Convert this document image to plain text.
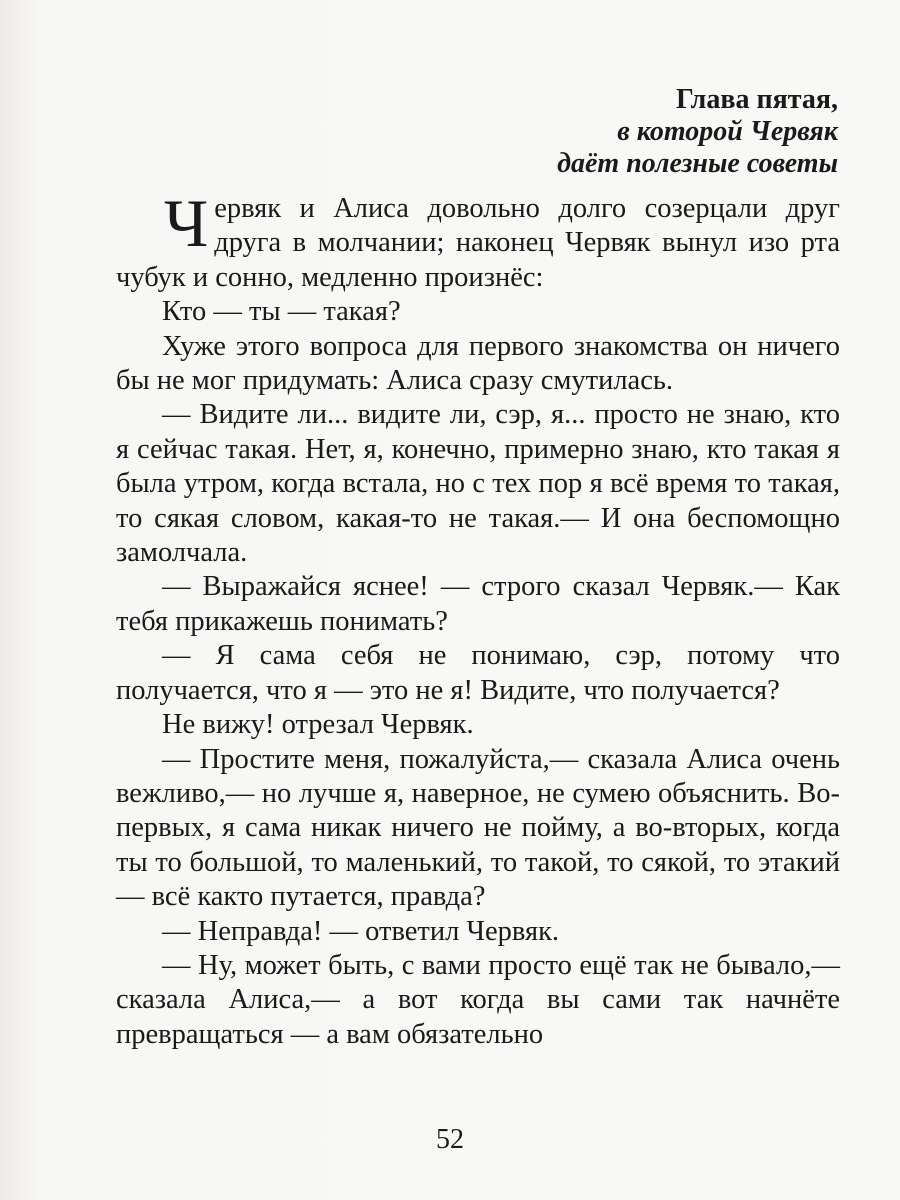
Глава пятая,
в которой Червяк
даёт полезные советы

Червяк и Алиса довольно долго созерцали друг друга в молчании; наконец Червяк вынул изо рта чубук и сонно, медленно произнёс:

Кто — ты — такая?

Хуже этого вопроса для первого знакомства он ничего бы не мог придумать: Алиса сразу смутилась.

— Видите ли... видите ли, сэр, я... просто не знаю, кто я сейчас такая. Нет, я, конечно, примерно знаю, кто такая я была утром, когда встала, но с тех пор я всё время то такая, то сякая словом, какая-то не такая.— И она беспомощно замолчала.

— Выражайся яснее! — строго сказал Червяк.— Как тебя прикажешь понимать?

— Я сама себя не понимаю, сэр, потому что получается, что я — это не я! Видите, что получается?

Не вижу! отрезал Червяк.

— Простите меня, пожалуйста,— сказала Алиса очень вежливо,— но лучше я, наверное, не сумею объяснить. Во-первых, я сама никак ничего не пойму, а во-вторых, когда ты то большой, то маленький, то такой, то сякой, то этакий — всё както путается, правда?

— Неправда! — ответил Червяк.

— Ну, может быть, с вами просто ещё так не бывало,— сказала Алиса,— а вот когда вы сами так начнёте превращаться — а вам обязательно

52
